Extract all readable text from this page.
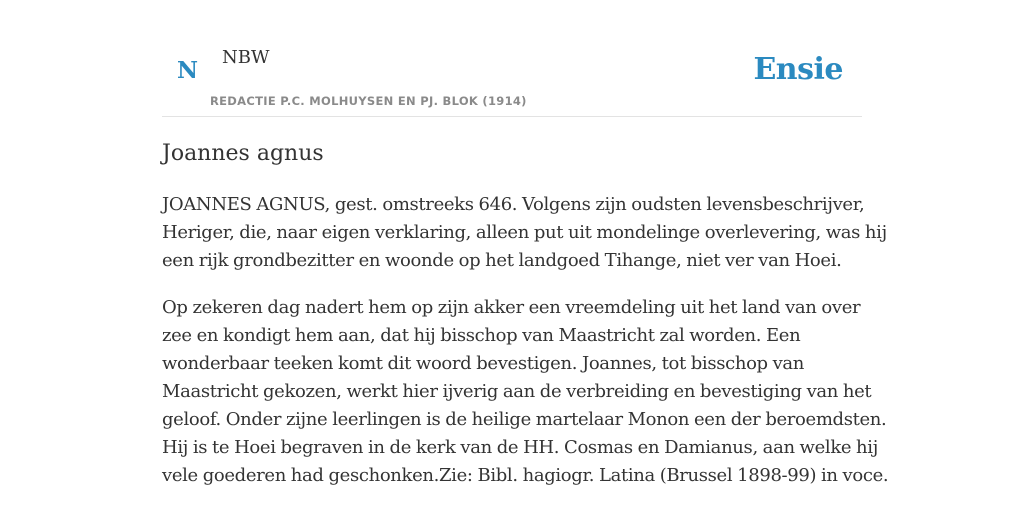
N NBW
REDACTIE P.C. MOLHUYSEN EN PJ. BLOK (1914)
Ensie
Joannes agnus

JOANNES AGNUS, gest. omstreeks 646. Volgens zijn oudsten levensbeschrijver,
Heriger, die, naar eigen verklaring, alleen put uit mondelinge overlevering, was hij
een rijk grondbezitter en woonde op het landgoed Tihange, niet ver van Hoei.

Op zekeren dag nadert hem op zijn akker een vreemdeling uit het land van over
zee en kondigt hem aan, dat hij bisschop van Maastricht zal worden. Een
wonderbaar teeken komt dit woord bevestigen. Joannes, tot bisschop van
Maastricht gekozen, werkt hier ijverig aan de verbreiding en bevestiging van het
geloof. Onder zijne leerlingen is de heilige martelaar Monon een der beroemdsten.
Hij is te Hoei begraven in de kerk van de HH. Cosmas en Damianus, aan welke hij
vele goederen had geschonken.Zie: Bibl. hagiogr. Latina (Brussel 1898-99) in voce.
